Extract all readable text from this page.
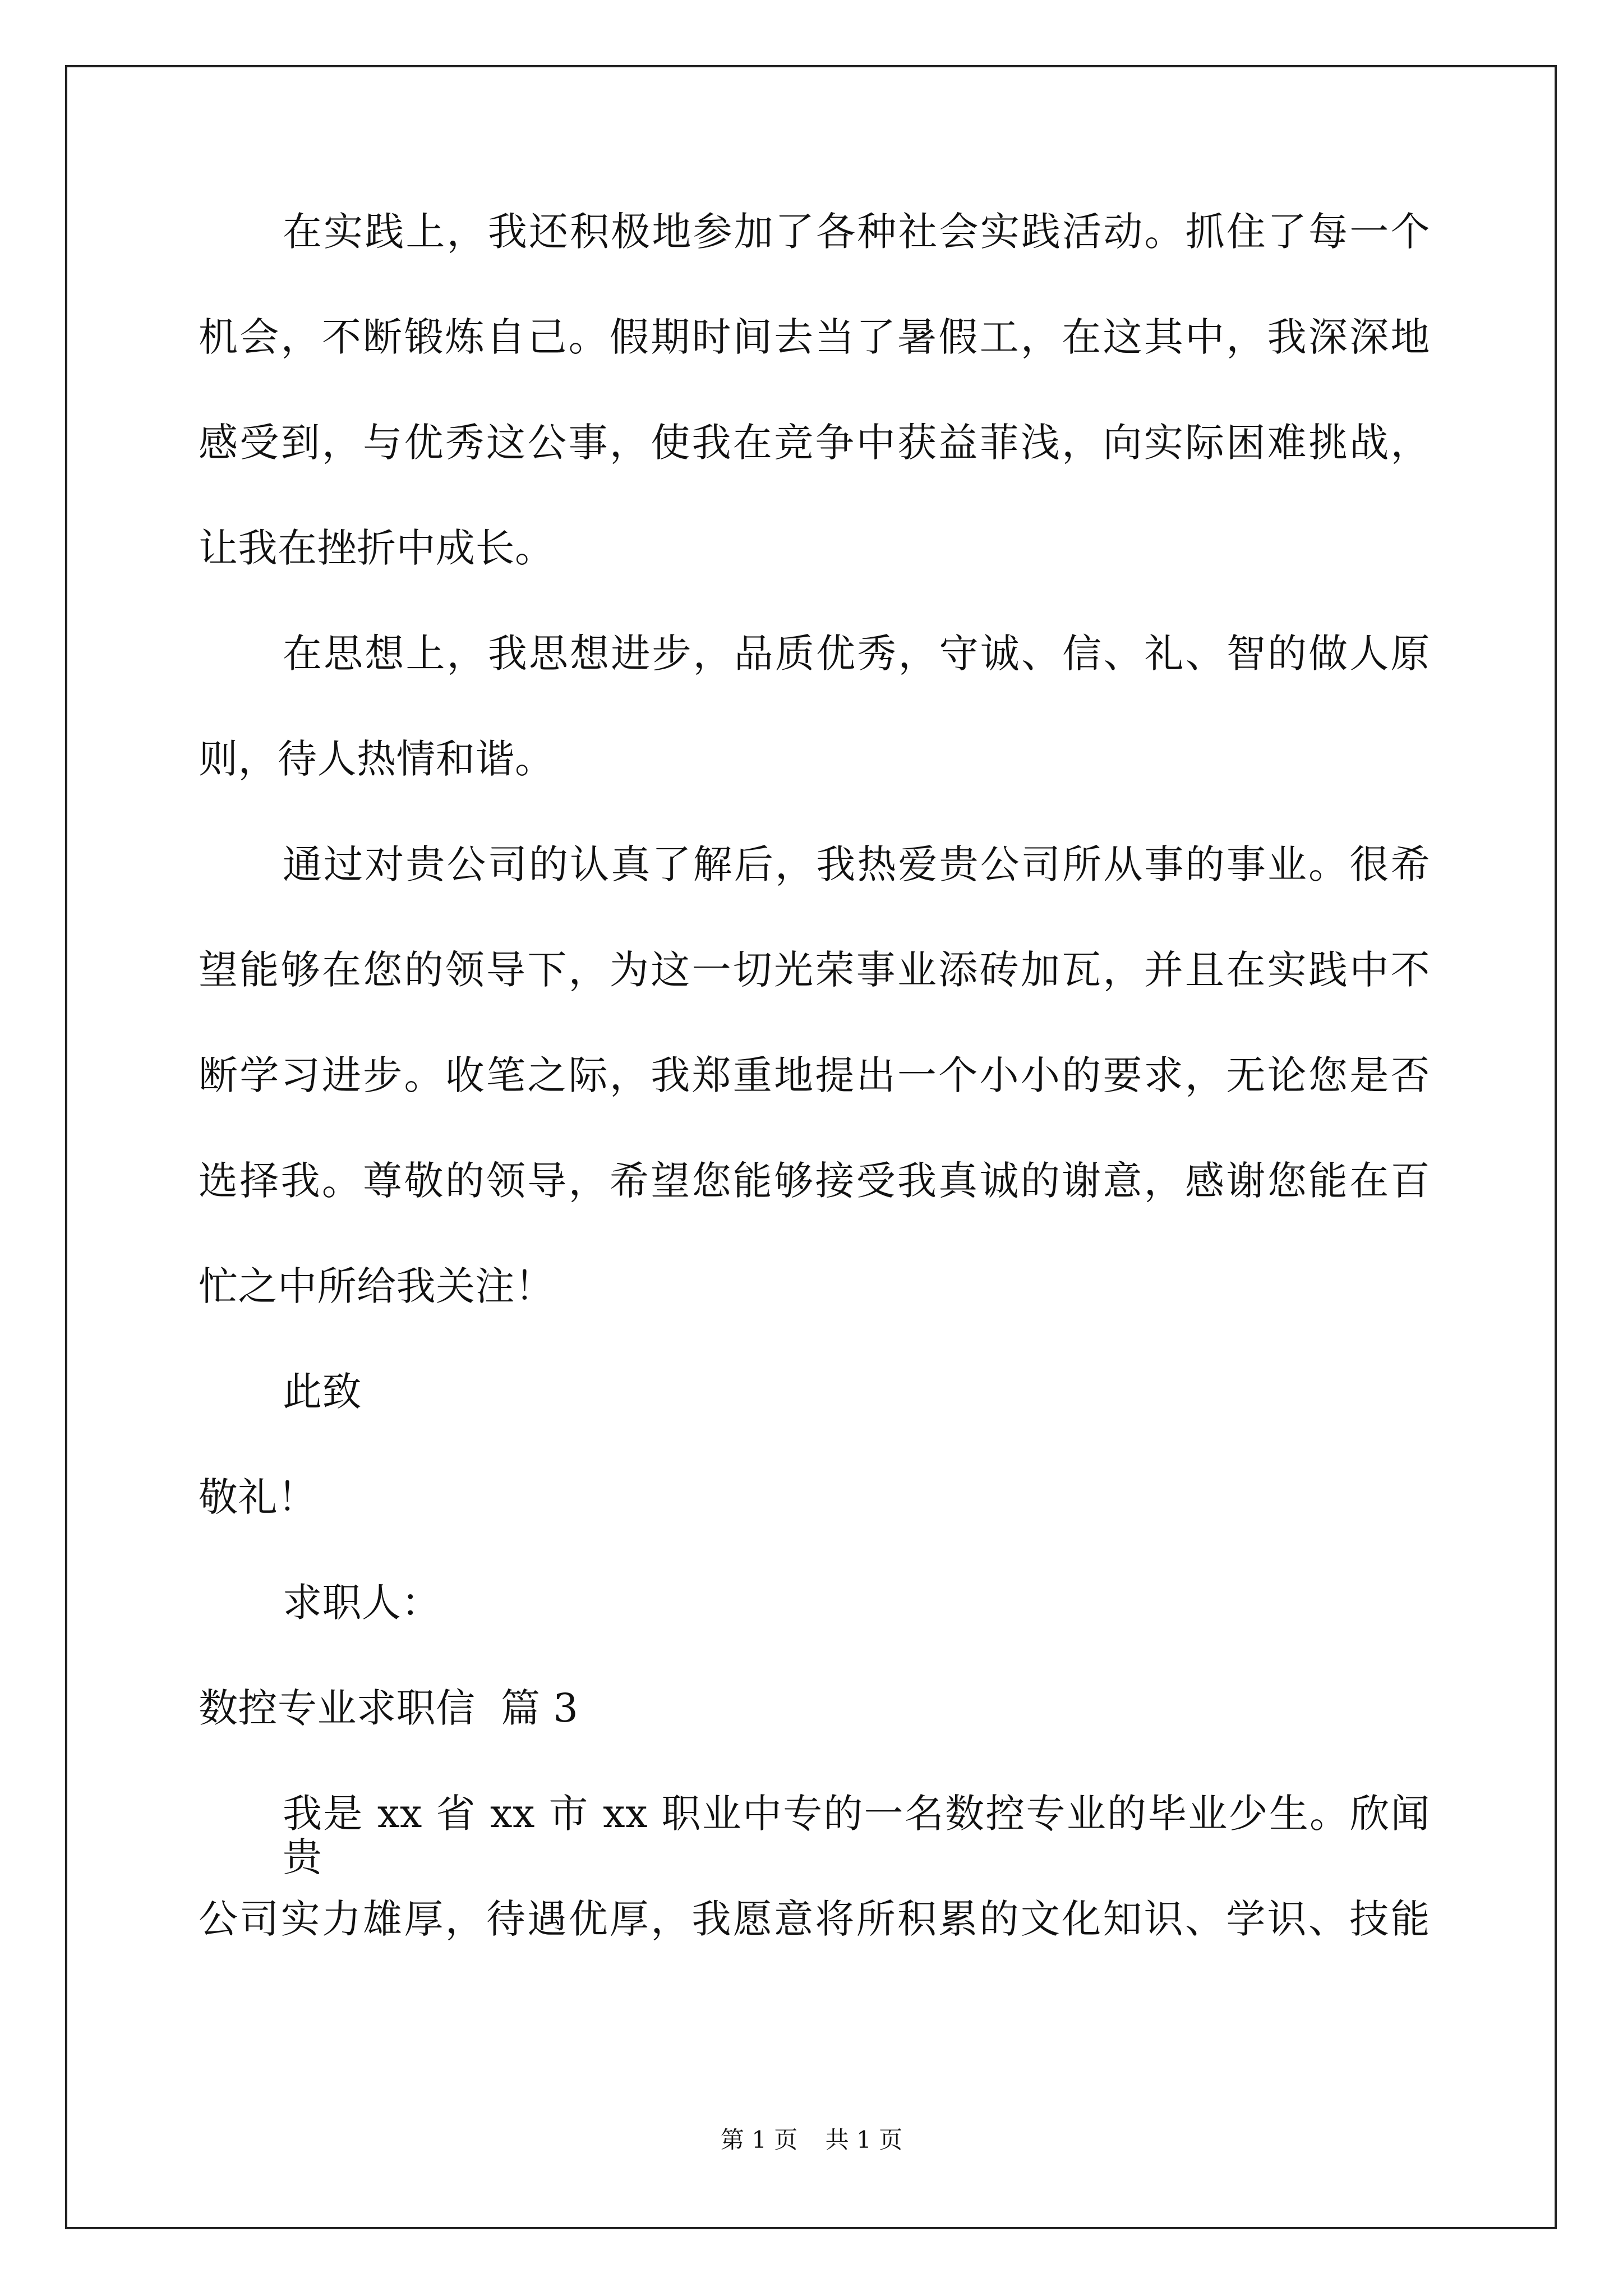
在实践上，我还积极地参加了各种社会实践活动。抓住了每一个
机会，不断锻炼自己。假期时间去当了暑假工，在这其中，我深深地
感受到，与优秀这公事，使我在竞争中获益菲浅，向实际困难挑战，
让我在挫折中成长。
在思想上，我思想进步，品质优秀，守诚、信、礼、智的做人原
则，待人热情和谐。
通过对贵公司的认真了解后，我热爱贵公司所从事的事业。很希
望能够在您的领导下，为这一切光荣事业添砖加瓦，并且在实践中不
断学习进步。收笔之际，我郑重地提出一个小小的要求，无论您是否
选择我。尊敬的领导，希望您能够接受我真诚的谢意，感谢您能在百
忙之中所给我关注！
此致
敬礼！
求职人：
数控专业求职信  篇 3
我是 xx 省 xx 市 xx 职业中专的一名数控专业的毕业少生。欣闻贵
公司实力雄厚，待遇优厚，我愿意将所积累的文化知识、学识、技能
第 1 页 共 1 页
